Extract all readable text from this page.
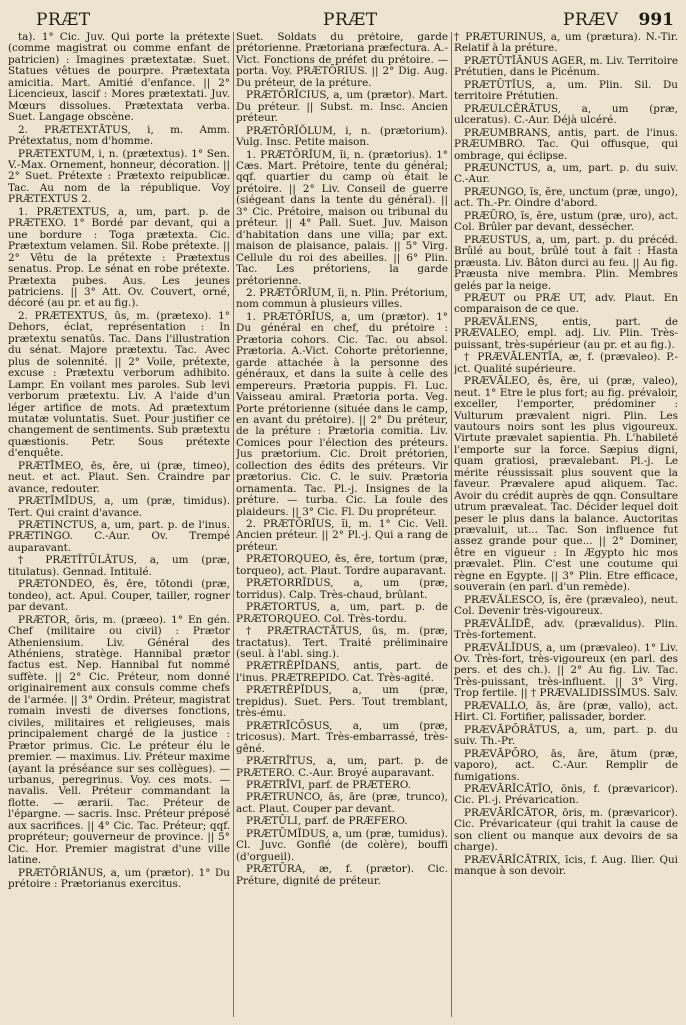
PRÆT	PRÆT	PRÆV 991

ta). 1° Cic. Juv. Qui porte la prétexte (comme magistrat ou comme enfant de patricien) : Imagines prætextatæ. Suet. Statues vêtues de pourpre. Prætextata amicitia. Mart. Amitié d'enfance. || 2° Licencieux, lascif : Mores prætextati. Juv. Mœurs dissolues. Prætextata verba. Suet. Langage obscène.

2. PRÆTEXTĀTUS, i, m. Amm. Prétextatus, nom d'homme.

PRÆTEXTUM, i, n. (prætextus). 1° Sen. V.-Max. Ornement, honneur, décoration. || 2° Suet. Prétexte : Prætexto reipublicæ. Tac. Au nom de la république. Voy PRÆTEXTUS 2.

1. PRÆTEXTUS, a, um, part. p. de PRÆTEXO. 1° Bordé par devant, qui a une bordure : Toga prætexta. Cic. Prætextum velamen. Sil. Robe prétexte. || 2° Vêtu de la prétexte : Prætextus senatus. Prop. Le sénat en robe prétexte. Prætexta pubes. Aus. Les jeunes patriciens. || 3° Att. Ov. Couvert, orné, décoré (au pr. et au fig.).

2. PRÆTEXTUS, ūs, m. (prætexo). 1° Dehors, éclat, représentation : In prætextu senatūs. Tac. Dans l'illustration du sénat. Majore prætextu. Tac. Avec plus de solennité. || 2° Voile, prétexte, excuse : Prætextu verborum adhibito. Lampr. En voilant mes paroles. Sub levi verborum prætextu. Liv. A l'aide d'un léger artifice de mots. Ad prætextum mutatæ voluntatis. Suet. Pour justifier ce changement de sentiments. Sub prætextu quæstionis. Petr. Sous prétexte d'enquête.

PRÆTĪMEO, ēs, ēre, ui (præ, timeo), neut. et act. Plaut. Sen. Craindre par avance, redouter.

PRÆTĬMĬDUS, a, um (præ, timidus). Tert. Qui craint d'avance.

PRÆTINCTUS, a, um, part. p. de l'inus. PRÆTINGO. C.-Aur. Ov. Trempé auparavant.

† PRÆTĬTŪLĀTUS, a, um (præ, titulatus). Gennad. Intitulé.

PRÆTONDEO, ēs, ēre, tōtondi (præ, tondeo), act. Apul. Couper, tailler, rogner par devant.

PRÆTOR, ōris, m. (præeo). 1° En gén. Chef (militaire ou civil) : Prætor Atheniensium. Liv. Général des Athéniens, stratège. Hannibal prætor factus est. Nep. Hannibal fut nommé suffète. || 2° Cic. Préteur, nom donné originairement aux consuls comme chefs de l'armée. || 3° Ordin. Préteur, magistrat romain investi de diverses fonctions, civiles, militaires et religieuses, mais principalement chargé de la justice : Prætor primus. Cic. Le préteur élu le premier. — maximus. Liv. Préteur maxime (ayant la préséance sur ses collègues). — urbanus, peregrinus. Voy. ces mots. — navalis. Vell. Préteur commandant la flotte. — ærarii. Tac. Préteur de l'épargne. — sacris. Insc. Préteur préposé aux sacrifices. || 4° Cic. Tac. Préteur; qqf. propréteur; gouverneur de province. || 5° Cic. Hor. Premier magistrat d'une ville latine.

PRÆTŌRIĀNUS, a, um (prætor). 1° Du prétoire : Prætorianus exercitus.

Suet. Soldats du prétoire, garde prétorienne. Prætoriana præfectura. A.-Vict. Fonctions de préfet du prétoire. — porta. Voy. PRÆTŌRIUS. || 2° Dig. Aug. Du préteur, de la préture.

PRÆTŌRĬCIUS, a, um (prætor). Mart. Du préteur. || Subst. m. Insc. Ancien préteur.

PRÆTŌRĬŎLUM, i, n. (prætorium). Vulg. Insc. Petite maison.

1. PRÆTŌRĬUM, ĭi, n. (prætorius). 1° Cæs. Mart. Prétoire, tente du général; qqf. quartier du camp où était le prétoire. || 2° Liv. Conseil de guerre (siégeant dans la tente du général). || 3° Cic. Prétoire, maison ou tribunal du préteur. || 4° Pall. Suet. Juv. Maison d'habitation dans une villa; par ext. maison de plaisance, palais. || 5° Virg. Cellule du roi des abeilles. || 6° Plin. Tac. Les prétoriens, la garde prétorienne.

2. PRÆTŌRĬUM, ĭi, n. Plin. Prétorium, nom commun à plusieurs villes.

1. PRÆTŌRĬUS, a, um (prætor). 1° Du général en chef, du prétoire : Prætoria cohors. Cic. Tac. ou absol. Prætoria. A.-Vict. Cohorte prétorienne, garde attachée à la personne des généraux, et dans la suite à celle des empereurs. Prætoria puppis. Fl. Luc. Vaisseau amiral. Prætoria porta. Veg. Porte prétorienne (située dans le camp, en avant du prétoire). || 2° Du préteur, de la préture : Prætoria comitia. Liv. Comices pour l'élection des préteurs. Jus prætorium. Cic. Droit prétorien, collection des édits des préteurs. Vir prætorius. Cic. C. le suiv. Prætoria ornamenta. Tac. Pl.-j. Insignes de la préture. — turba. Cic. La foule des plaideurs. || 3° Cic. Fl. Du propréteur.

2. PRÆTŌRĬUS, ĭi, m. 1° Cic. Vell. Ancien préteur. || 2° Pl.-j. Qui a rang de préteur.

PRÆTORQUEO, ēs, ēre, tortum (præ, torqueo), act. Plaut. Tordre auparavant.

PRÆTORRĬDUS, a, um (præ, torridus). Calp. Très-chaud, brûlant.

PRÆTORTUS, a, um, part. p. de PRÆTORQUEO. Col. Très-tordu.

† PRÆTRACTĀTUS, ūs, m. (præ, tractatus). Tert. Traité préliminaire (seul. à l'abl. sing.).

PRÆTRĔPĬDANS, antis, part. de l'inus. PRÆTREPIDO. Cat. Très-agité.

PRÆTRĔPĬDUS, a, um (præ, trepidus). Suet. Pers. Tout tremblant, très-ému.

PRÆTRĪCŌSUS, a, um (præ, tricosus). Mart. Très-embarrassé, très-gêné.

PRÆTRĪTUS, a, um, part. p. de PRÆTERO. C.-Aur. Broyé auparavant.

PRÆTRĪVI, parf. de PRÆTERO.

PRÆTRUNCO, ās, āre (præ, trunco), act. Plaut. Couper par devant.

PRÆTŪLI, parf. de PRÆFERO.

PRÆTŪMĬDUS, a, um (præ, tumidus). Cl. Juvc. Gonflé (de colère), bouffi (d'orgueil).

PRÆTŪRA, æ, f. (prætor). Cic. Préture, dignité de préteur.

† PRÆTŪRĪNUS, a, um (prætura). N.-Tir. Relatif à la préture.

PRÆTŪTĬĀNUS AGER, m. Liv. Territoire Prétutien, dans le Picénum.

PRÆTŪTĬUS, a, um. Plin. Sil. Du territoire Prétutien.

PRÆULCĔRĀTUS, a, um (præ, ulceratus). C.-Aur. Déjà ulcéré.

PRÆUMBRANS, antis, part. de l'inus. PRÆUMBRO. Tac. Qui offusque, qui ombrage, qui éclipse.

PRÆUNCTUS, a, um, part. p. du suiv. C.-Aur.

PRÆUNGO, ĭs, ĕre, unctum (præ, ungo), act. Th.-Pr. Oindre d'abord.

PRÆŪRO, ĭs, ĕre, ustum (præ, uro), act. Col. Brûler par devant, dessécher.

PRÆUSTUS, a, um, part. p. du précéd. Brûlé au bout, brûlé tout à fait : Hasta præusta. Liv. Bâton durci au feu. || Au fig. Præusta nive membra. Plin. Membres gelés par la neige.

PRÆUT ou PRÆ UT, adv. Plaut. En comparaison de ce que.

PRÆVĂLENS, entis, part. de PRÆVALEO, empl. adj. Liv. Plin. Très-puissant, très-supérieur (au pr. et au fig.).

† PRÆVĂLENTĬA, æ, f. (prævaleo). P.-jct. Qualité supérieure.

PRÆVĂLEO, ēs, ēre, ui (præ, valeo), neut. 1° Etre le plus fort; au fig. prévaloir, exceller, l'emporter, prédominer : Vulturum prævalent nigri. Plin. Les vautours noirs sont les plus vigoureux. Virtute prævalet sapientia. Ph. L'habileté l'emporte sur la force. Sæpius digni, quam gratiosi, prævalebant. Pl.-j. Le mérite réussissait plus souvent que la faveur. Prævalere apud aliquem. Tac. Avoir du crédit auprès de qqn. Consultare utrum prævaleat. Tac. Décider lequel doit peser le plus dans la balance. Auctoritas prævaluit, ut... Tac. Son influence fut assez grande pour que... || 2° Dominer, être en vigueur : In Ægypto hic mos prævalet. Plin. C'est une coutume qui règne en Egypte. || 3° Plin. Etre efficace, souverain (en parl. d'un remède).

PRÆVĂLESCO, ĭs, ĕre (prævaleo), neut. Col. Devenir très-vigoureux.

PRÆVĂLĬDĒ, adv. (prævalidus). Plin. Très-fortement.

PRÆVĂLĬDUS, a, um (prævaleo). 1° Liv. Ov. Très-fort, très-vigoureux (en parl. des pers. et des ch.). || 2° Au fig. Liv. Tac. Très-puissant, très-influent. || 3° Virg. Trop fertile. || † PRÆVALIDISSIMUS. Salv.

PRÆVALLO, ās, āre (præ, vallo), act. Hirt. Cl. Fortifier, palissader, border.

PRÆVĀPŌRĀTUS, a, um, part. p. du suiv. Th.-Pr.

PRÆVĀPŌRO, ās, āre, ātum (præ, vaporo), act. C.-Aur. Remplir de fumigations.

PRÆVĀRĬCĀTĬO, ōnis, f. (prævaricor). Cic. Pl.-j. Prévarication.

PRÆVĀRĬCĀTOR, ōris, m. (prævaricor). Cic. Prévaricateur (qui trahit la cause de son client ou manque aux devoirs de sa charge).

PRÆVĀRĬCĀTRIX, īcis, f. Aug. Ilier. Qui manque à son devoir.
